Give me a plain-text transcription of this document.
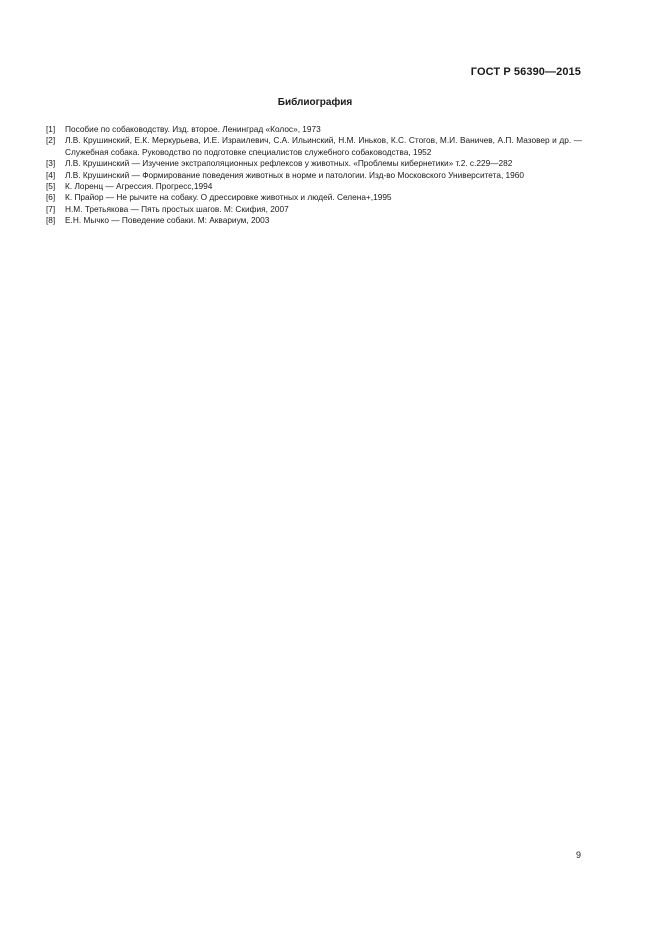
ГОСТ Р 56390—2015
Библиография
[1]	Пособие по собаководству. Изд. второе. Ленинград «Колос», 1973
[2]	Л.В. Крушинский, Е.К. Меркурьева, И.Е. Израилевич, С.А. Ильинский, Н.М. Иньков, К.С. Стогов, М.И. Ваничев, А.П. Мазовер и др. — Служебная собака. Руководство по подготовке специалистов служебного собаководства, 1952
[3]	Л.В. Крушинский — Изучение экстраполяционных рефлексов у животных. «Проблемы кибернетики» т.2. с.229—282
[4]	Л.В. Крушинский — Формирование поведения животных в норме и патологии. Изд-во Московского Университета, 1960
[5]	К. Лоренц — Агрессия. Прогресс,1994
[6]	К. Прайор — Не рычите на собаку. О дрессировке животных и людей. Селена+,1995
[7]	Н.М. Третьякова — Пять простых шагов. М: Скифия, 2007
[8]	Е.Н. Мычко — Поведение собаки. М: Аквариум, 2003
9
